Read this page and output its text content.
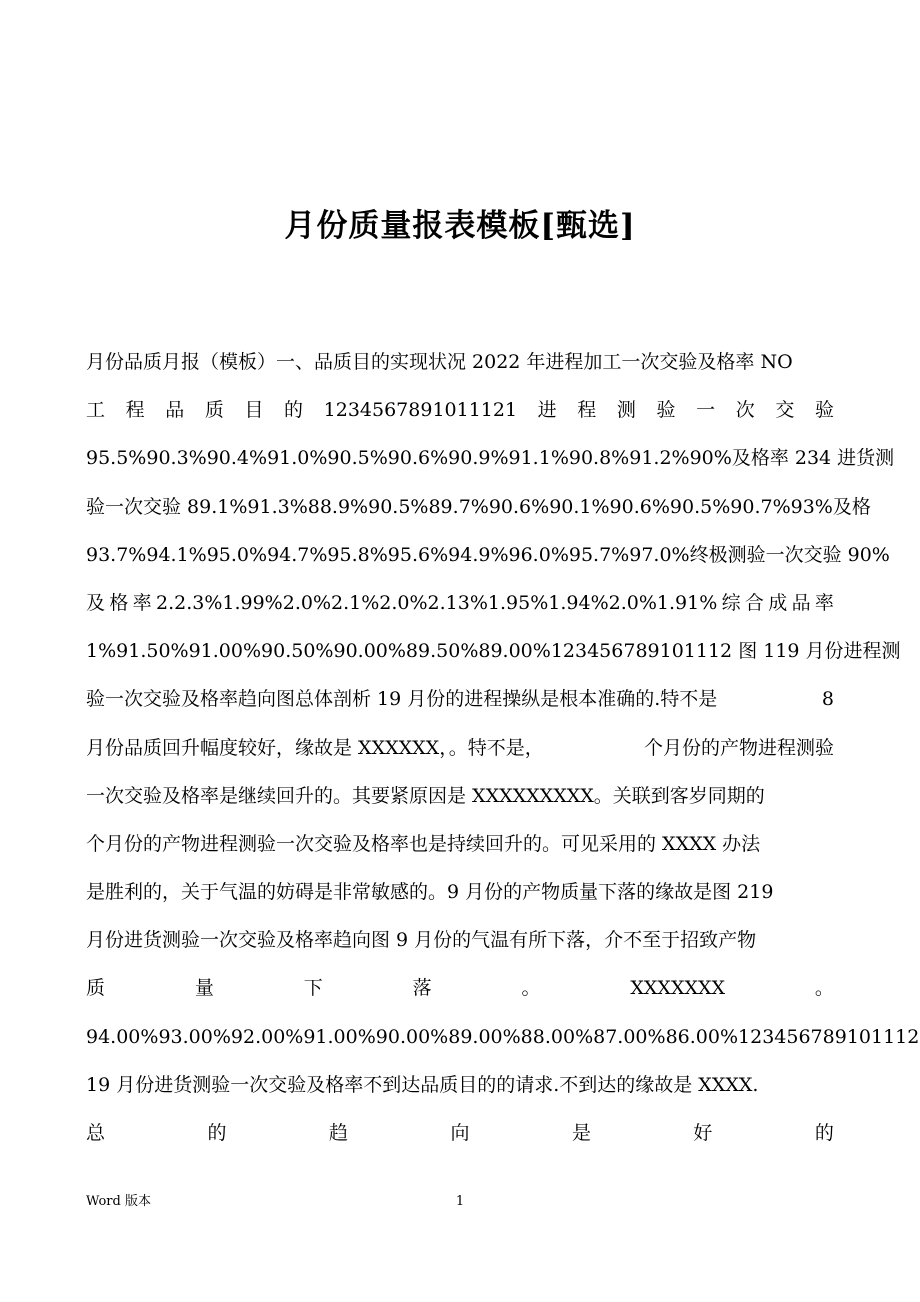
月份质量报表模板[甄选]
月份品质月报（模板）一、品质目的实现状况 2022 年进程加工一次交验及格率 NO
工 程 品 质 目 的 1234567891011121 进 程 测 验 一 次 交 验
95.5%90.3%90.4%91.0%90.5%90.6%90.9%91.1%90.8%91.2%90%及格率 234 进货测
验一次交验 89.1%91.3%88.9%90.5%89.7%90.6%90.1%90.6%90.5%90.7%93%及格
93.7%94.1%95.0%94.7%95.8%95.6%94.9%96.0%95.7%97.0%终极测验一次交验 90%
及 格 率 2.2.3%1.99%2.0%2.1%2.0%2.13%1.95%1.94%2.0%1.91% 综 合 成 品 率
1%91.50%91.00%90.50%90.00%89.50%89.00%123456789101112 图 119 月份进程测
验一次交验及格率趋向图总体剖析 19 月份的进程操纵是根本准确的.特不是	8
月份品质回升幅度较好，缘故是 XXXXXX，。特不是，	个月份的产物进程测验
一次交验及格率是继续回升的。其要紧原因是 XXXXXXXXX。关联到客岁同期的
个月份的产物进程测验一次交验及格率也是持续回升的。可见采用的 XXXX 办法
是胜利的，关于气温的妨碍是非常敏感的。9 月份的产物质量下落的缘故是图 219
月份进货测验一次交验及格率趋向图 9 月份的气温有所下落，介不至于招致产物
质	量	下	落	。	XXXXXXX	。
94.00%93.00%92.00%91.00%90.00%89.00%88.00%87.00%86.00%123456789101112
19 月份进货测验一次交验及格率不到达品质目的的请求.不到达的缘故是 XXXX.
总	的	趋	向	是	好	的
Word 版本	1
